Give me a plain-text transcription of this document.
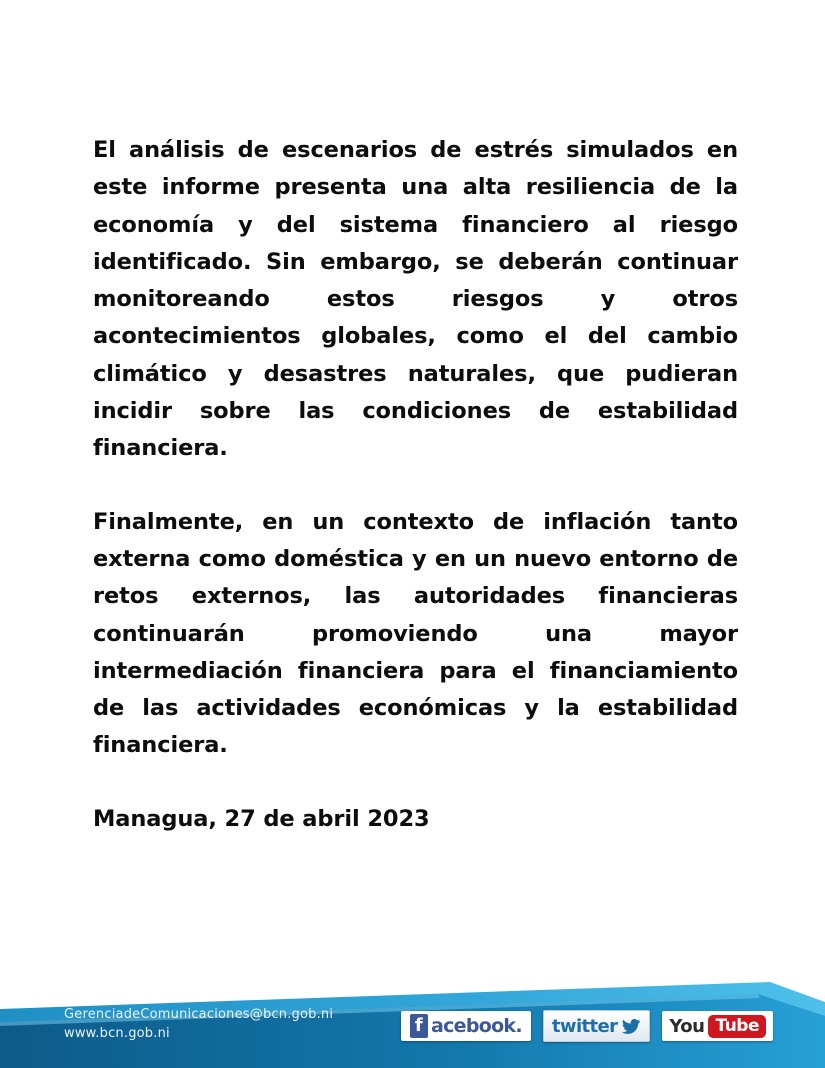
El análisis de escenarios de estrés simulados en este informe presenta una alta resiliencia de la economía y del sistema financiero al riesgo identificado. Sin embargo, se deberán continuar monitoreando estos riesgos y otros acontecimientos globales, como el del cambio climático y desastres naturales, que pudieran incidir sobre las condiciones de estabilidad financiera.

Finalmente, en un contexto de inflación tanto externa como doméstica y en un nuevo entorno de retos externos, las autoridades financieras continuarán promoviendo una mayor intermediación financiera para el financiamiento de las actividades económicas y la estabilidad financiera.

Managua, 27 de abril 2023

GerenciadeComunicaciones@bcn.gob.ni
www.bcn.gob.ni	f acebook . twitter	You Tube
